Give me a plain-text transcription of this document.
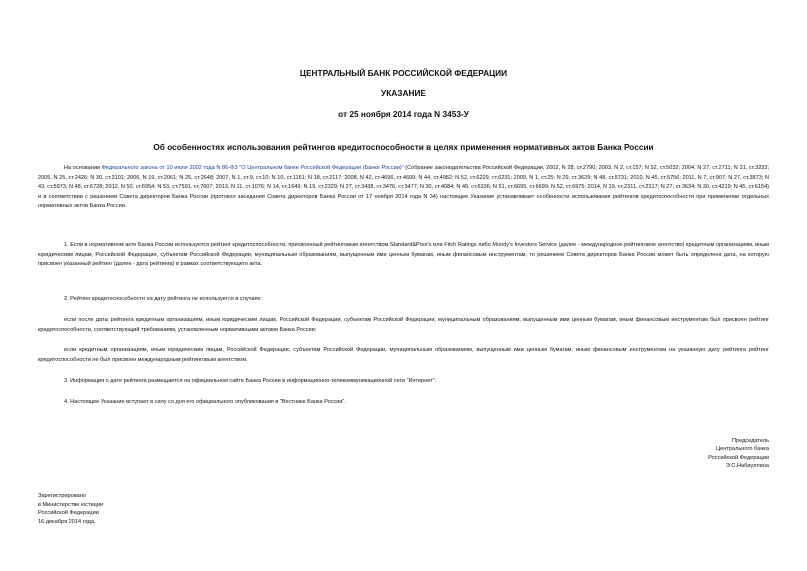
ЦЕНТРАЛЬНЫЙ БАНК РОССИЙСКОЙ ФЕДЕРАЦИИ
УКАЗАНИЕ
от 25 ноября 2014 года N 3453-У
Об особенностях использования рейтингов кредитоспособности в целях применения нормативных актов Банка России
На основании Федерального закона от 10 июля 2002 года N 86-ФЗ "О Центральном банке Российской Федерации (Банке России)" (Собрание законодательства Российской Федерации, 2002, N 28, ст.2790; 2003, N 2, ст.157; N 52, ст.5032; 2004, N 27, ст.2711; N 31, ст.3233; 2005, N 25, ст.2426; N 30, ст.3101; 2006, N 19, ст.2061; N 25, ст.2648; 2007, N 1, ст.9, ст.10; N 10, ст.1151; N 18, ст.2117; 2008, N 42, ст.4696, ст.4699; N 44, ст.4982; N 52, ст.6229, ст.6231; 2009, N 1, ст.25; N 29, ст.3629; N 48, ст.5731; 2010, N 45, ст.5756; 2011, N 7, ст.907; N 27, ст.3873; N 43, ст.5973; N 48, ст.6728; 2012, N 50, ст.6954; N 53, ст.7591, ст.7607; 2013, N 11, ст.1076; N 14, ст.1649; N 19, ст.2329; N 27, ст.3438, ст.3476, ст.3477; N 30, ст.4084; N 49, ст.6336; N 51, ст.6695, ст.6699; N 52, ст.6975; 2014, N 19, ст.2311, ст.2317; N 27, ст.3634; N 30, ст.4219; N 45, ст.6154) и в соответствии с решением Совета директоров Банка России (протокол заседания Совета директоров Банка России от 17 ноября 2014 года N 34) настоящее Указание устанавливает особенности использования рейтингов кредитоспособности при применении отдельных нормативных актов Банка России.
1. Если в нормативном акте Банка России используется рейтинг кредитоспособности, присвоенный рейтинговым агентством Standard&Poor's или Fitch Ratings либо Moody's Investors Service (далее - международное рейтинговое агентство) кредитным организациям, иным юридическим лицам, Российской Федерации, субъектам Российской Федерации, муниципальным образованиям, выпущенным ими ценным бумагам, иным финансовым инструментам, то решением Совета директоров Банка России может быть определена дата, на которую присвоен указанный рейтинг (далее - дата рейтинга) в рамках соответствующего акта.
2. Рейтинг кредитоспособности на дату рейтинга не используется в случаях:
если после даты рейтинга кредитным организациям, иным юридическим лицам, Российской Федерации, субъектам Российской Федерации, муниципальным образованиям, выпущенным ими ценным бумагам, иным финансовым инструментам был присвоен рейтинг кредитоспособности, соответствующий требованиям, установленным нормативными актами Банка России;
если кредитным организациям, иным юридическим лицам, Российской Федерации, субъектам Российской Федерации, муниципальным образованиям, выпущенным ими ценным бумагам, иным финансовым инструментам на указанную дату рейтинга рейтинг кредитоспособности не был присвоен международным рейтинговым агентством.
3. Информация о дате рейтинга размещается на официальном сайте Банка России в информационно-телекоммуникационной сети "Интернет".
4. Настоящее Указание вступает в силу со дня его официального опубликования в "Вестнике Банка России".
Председатель
Центрального банка
Российской Федерации
Э.С.Набиуллина
Зарегистрировано
в Министерстве юстиции
Российской Федерации
16 декабря 2014 года,
